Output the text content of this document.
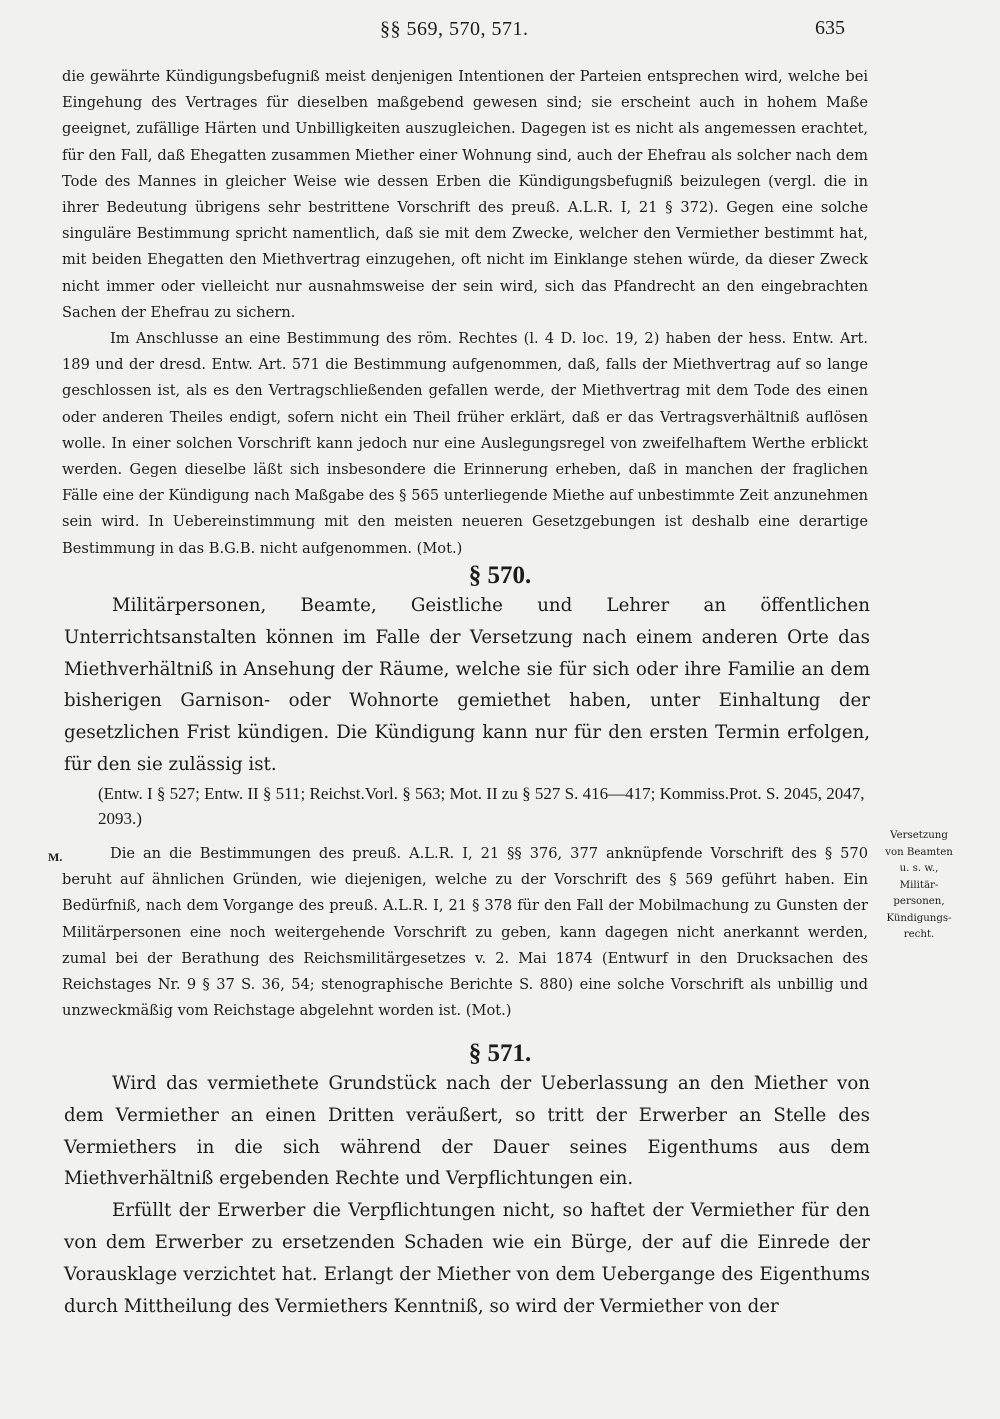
§§ 569, 570, 571.	635

die gewährte Kündigungsbefugniß meist denjenigen Intentionen der Parteien entsprechen wird, welche bei Eingehung des Vertrages für dieselben maßgebend gewesen sind; sie erscheint auch in hohem Maße geeignet, zufällige Härten und Unbilligkeiten auszugleichen. Dagegen ist es nicht als angemessen erachtet, für den Fall, daß Ehegatten zusammen Miether einer Wohnung sind, auch der Ehefrau als solcher nach dem Tode des Mannes in gleicher Weise wie dessen Erben die Kündigungsbefugniß beizulegen (vergl. die in ihrer Bedeutung übrigens sehr bestrittene Vorschrift des preuß. A.L.R. I, 21 § 372). Gegen eine solche singuläre Bestimmung spricht namentlich, daß sie mit dem Zwecke, welcher den Vermiether bestimmt hat, mit beiden Ehegatten den Miethvertrag einzugehen, oft nicht im Einklange stehen würde, da dieser Zweck nicht immer oder vielleicht nur ausnahmsweise der sein wird, sich das Pfandrecht an den eingebrachten Sachen der Ehefrau zu sichern.

Im Anschlusse an eine Bestimmung des röm. Rechtes (l. 4 D. loc. 19, 2) haben der hess. Entw. Art. 189 und der dresd. Entw. Art. 571 die Bestimmung aufgenommen, daß, falls der Miethvertrag auf so lange geschlossen ist, als es den Vertragschließenden gefallen werde, der Miethvertrag mit dem Tode des einen oder anderen Theiles endigt, sofern nicht ein Theil früher erklärt, daß er das Vertragsverhältniß auflösen wolle. In einer solchen Vorschrift kann jedoch nur eine Auslegungsregel von zweifelhaftem Werthe erblickt werden. Gegen dieselbe läßt sich insbesondere die Erinnerung erheben, daß in manchen der fraglichen Fälle eine der Kündigung nach Maßgabe des § 565 unterliegende Miethe auf unbestimmte Zeit anzunehmen sein wird. In Uebereinstimmung mit den meisten neueren Gesetzgebungen ist deshalb eine derartige Bestimmung in das B.G.B. nicht aufgenommen. (Mot.)

§ 570.

Militärpersonen, Beamte, Geistliche und Lehrer an öffentlichen Unterrichtsanstalten können im Falle der Versetzung nach einem anderen Orte das Miethverhältniß in Ansehung der Räume, welche sie für sich oder ihre Familie an dem bisherigen Garnison- oder Wohnorte gemiethet haben, unter Einhaltung der gesetzlichen Frist kündigen. Die Kündigung kann nur für den ersten Termin erfolgen, für den sie zulässig ist.

(Entw. I § 527; Entw. II § 511; Reichst.Vorl. § 563; Mot. II zu § 527 S. 416—417; Kommiss.Prot. S. 2045, 2047, 2093.)
M.	Die an die Bestimmungen des preuß. A.L.R. I, 21 §§ 376, 377 anknüpfende Vorschrift des § 570 beruht auf ähnlichen Gründen, wie diejenigen, welche zu der Vorschrift des § 569 geführt haben. Ein Bedürfniß, nach dem Vorgange des preuß. A.L.R. I, 21 § 378 für den Fall der Mobilmachung zu Gunsten der Militärpersonen eine noch weitergehende Vorschrift zu geben, kann dagegen nicht anerkannt werden, zumal bei der Berathung des Reichsmilitärgesetzes v. 2. Mai 1874 (Entwurf in den Drucksachen des Reichstages Nr. 9 § 37 S. 36, 54; stenographische Berichte S. 880) eine solche Vorschrift als unbillig und unzweckmäßig vom Reichstage abgelehnt worden ist. (Mot.)

Versetzung
von Beamten
u. s. w.,
Militär-
personen,
Kündigungs-
recht.
§ 571.

Wird das vermiethete Grundstück nach der Ueberlassung an den Miether von dem Vermiether an einen Dritten veräußert, so tritt der Erwerber an Stelle des Vermiethers in die sich während der Dauer seines Eigenthums aus dem Miethverhältniß ergebenden Rechte und Verpflichtungen ein.

Erfüllt der Erwerber die Verpflichtungen nicht, so haftet der Vermiether für den von dem Erwerber zu ersetzenden Schaden wie ein Bürge, der auf die Einrede der Vorausklage verzichtet hat. Erlangt der Miether von dem Uebergange des Eigenthums durch Mittheilung des Vermiethers Kenntniß, so wird der Vermiether von der
